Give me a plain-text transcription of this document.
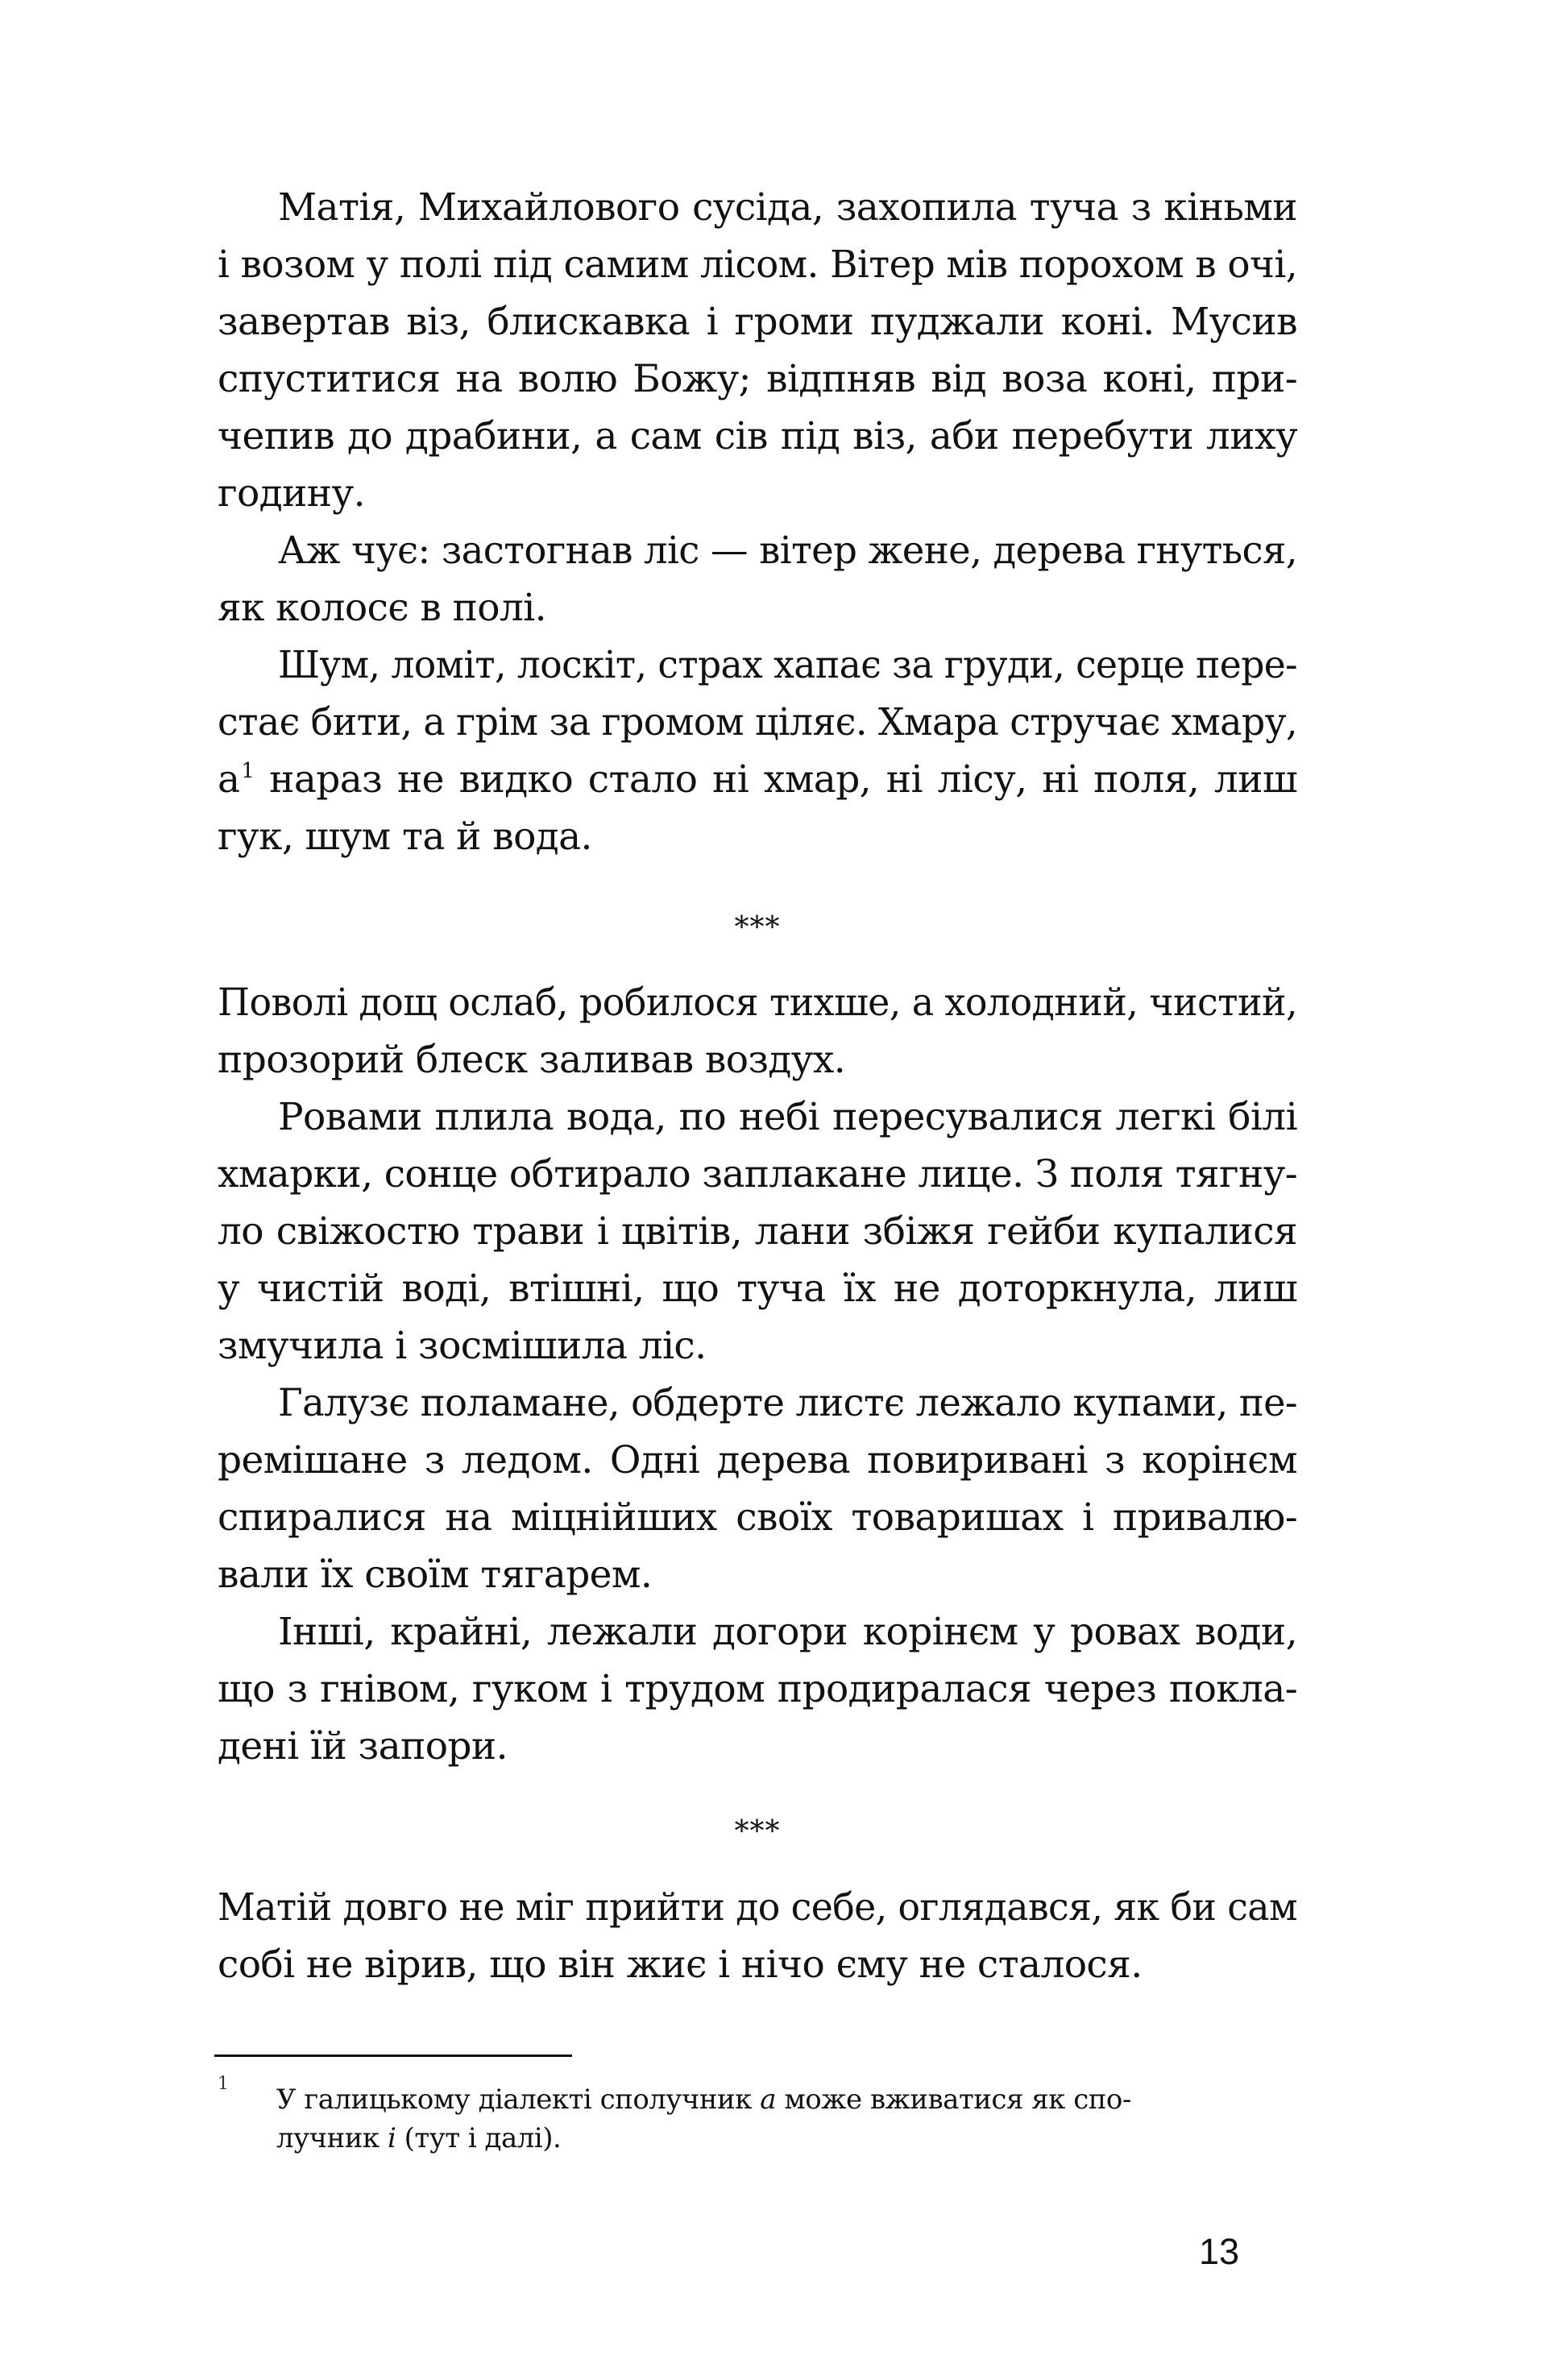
Матія, Михайлового сусіда, захопила туча з кіньми
і возом у полі під самим лісом. Вітер мів порохом в очі,
завертав віз, блискавка і громи пуджали коні. Мусив
спуститися на волю Божу; відпняв від воза коні, при-
чепив до драбини, а сам сів під віз, аби перебути лиху
годину.
Аж чує: застогнав ліс — вітер жене, дерева гнуться,
як колосє в полі.
Шум, ломіт, лоскіт, страх хапає за груди, серце пере-
стає бити, а грім за громом ціляє. Хмара стручає хмару,
а$^1$ нараз не видко стало ні хмар, ні лісу, ні поля, лиш
гук, шум та й вода.
***
Поволі дощ ослаб, робилося тихше, а холодний, чистий,
прозорий блеск заливав воздух.
Ровами плила вода, по небі пересувалися легкі білі
хмарки, сонце обтирало заплакане лице. З поля тягну-
ло свіжостю трави і цвітів, лани збіжя гейби купалися
у чистій воді, втішні, що туча їх не доторкнула, лиш
змучила і зосмішила ліс.
Галузє поламане, обдерте листє лежало купами, пе-
ремішане з ледом. Одні дерева повиривані з корінєм
спиралися на міцнійших своїх товаришах і привалю-
вали їх своїм тягарем.
Інші, крайні, лежали догори корінєм у ровах води,
що з гнівом, гуком і трудом продиралася через покла-
дені їй запори.
***
Матій довго не міг прийти до себе, оглядався, як би сам
собі не вірив, що він жиє і нічо єму не сталося.
1 У галицькому діалекті сполучник а може вживатися як спо-
лучник і (тут і далі).
13
